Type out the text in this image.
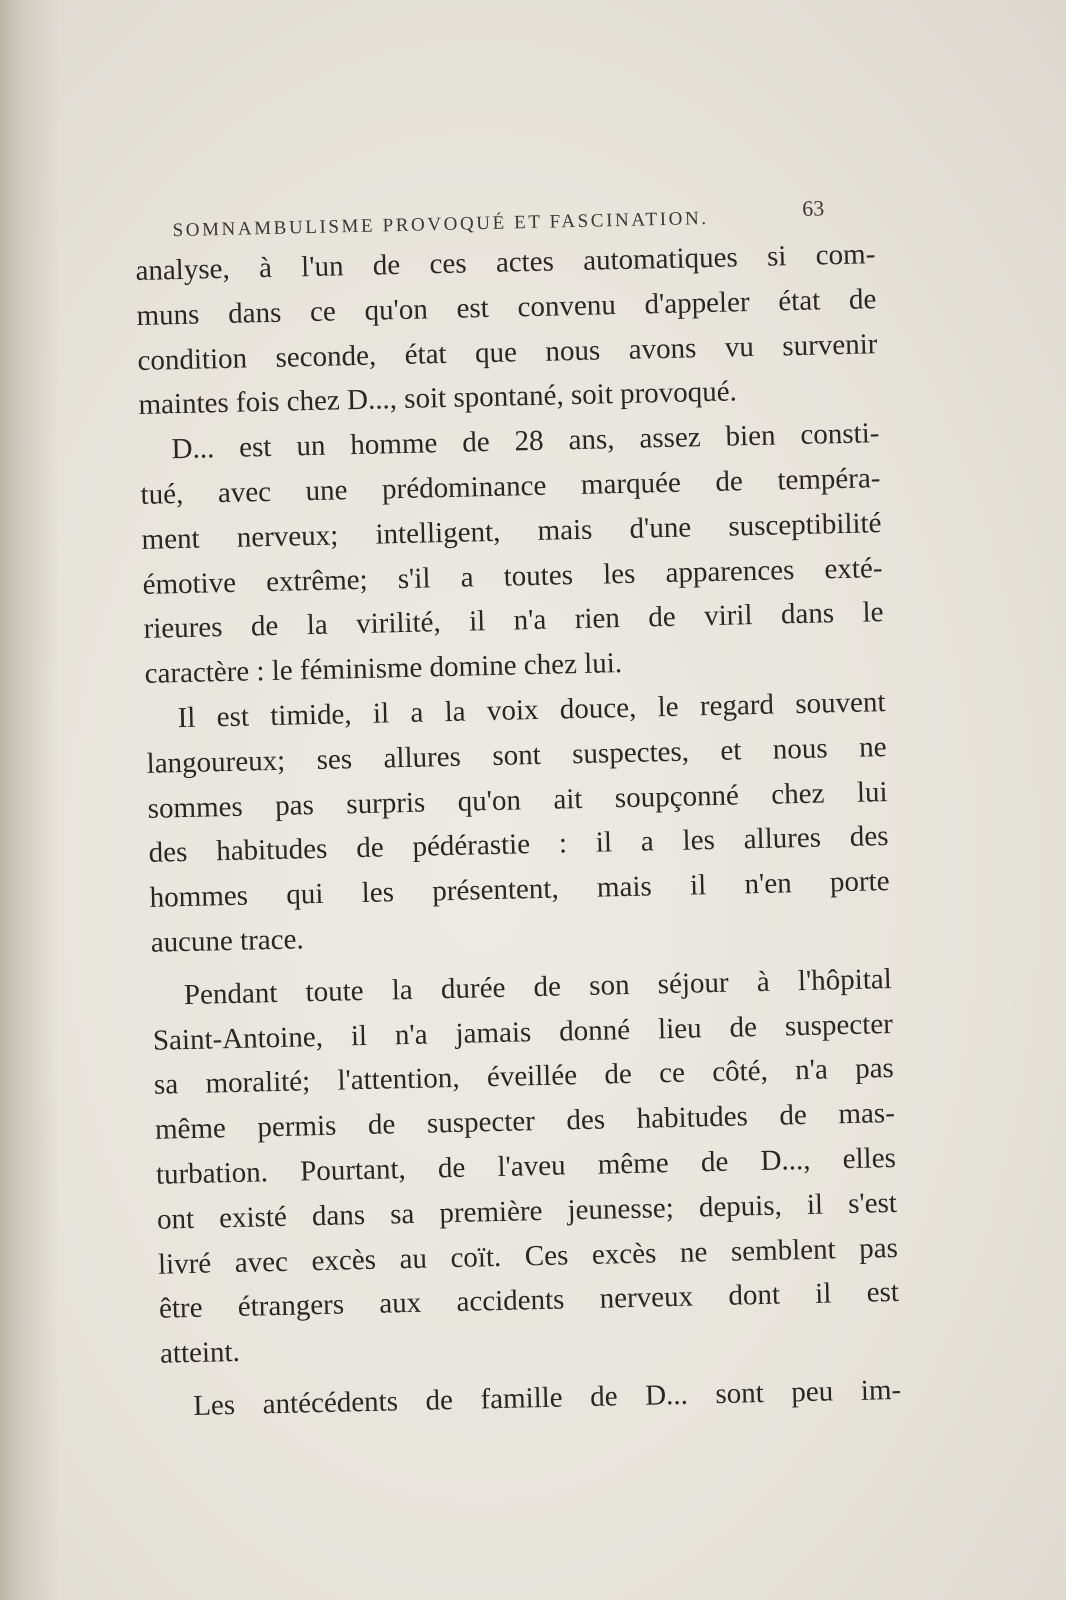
SOMNAMBULISME PROVOQUÉ ET FASCINATION.	63

analyse, à l'un de ces actes automatiques si com-
muns dans ce qu'on est convenu d'appeler état de
condition seconde, état que nous avons vu survenir
maintes fois chez D..., soit spontané, soit provoqué.

D... est un homme de 28 ans, assez bien consti-
tué, avec une prédominance marquée de tempéra-
ment nerveux; intelligent, mais d'une susceptibilité
émotive extrême; s'il a toutes les apparences exté-
rieures de la virilité, il n'a rien de viril dans le
caractère : le féminisme domine chez lui.

Il est timide, il a la voix douce, le regard souvent
langoureux; ses allures sont suspectes, et nous ne
sommes pas surpris qu'on ait soupçonné chez lui
des habitudes de pédérastie : il a les allures des
hommes qui les présentent, mais il n'en porte
aucune trace.

Pendant toute la durée de son séjour à l'hôpital
Saint-Antoine, il n'a jamais donné lieu de suspecter
sa moralité; l'attention, éveillée de ce côté, n'a pas
même permis de suspecter des habitudes de mas-
turbation. Pourtant, de l'aveu même de D..., elles
ont existé dans sa première jeunesse; depuis, il s'est
livré avec excès au coït. Ces excès ne semblent pas
être étrangers aux accidents nerveux dont il est
atteint.

Les antécédents de famille de D... sont peu im-
